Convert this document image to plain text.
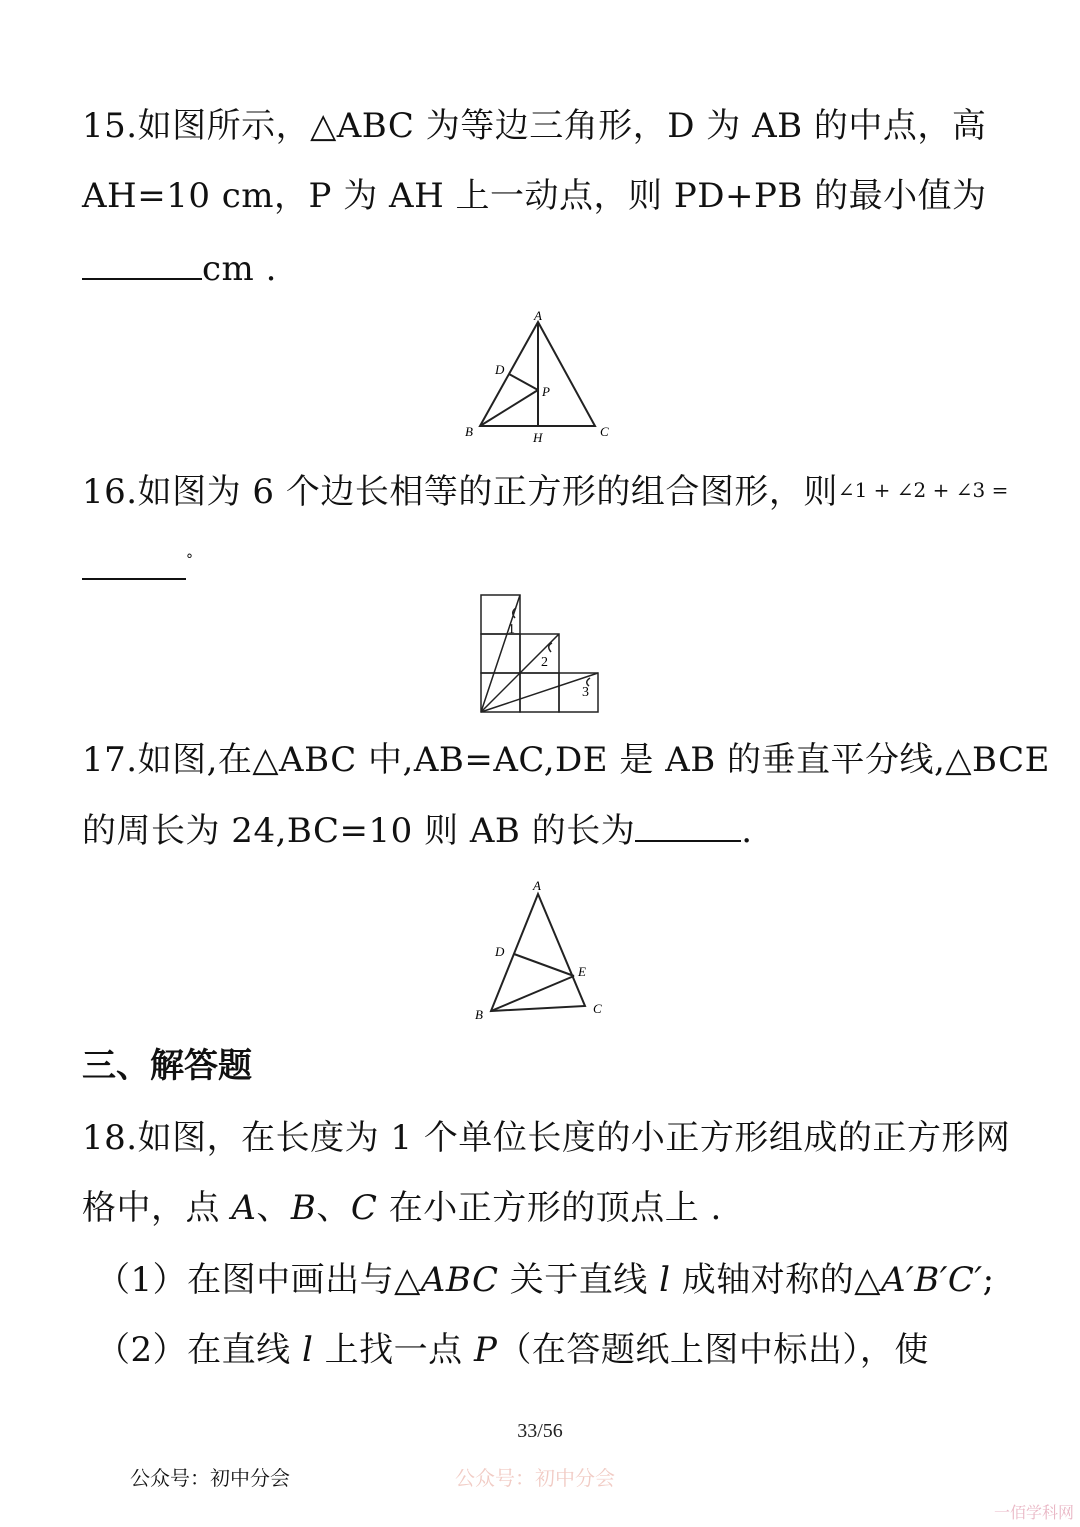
15.如图所示，△ABC 为等边三角形，D 为 AB 的中点，高
AH=10 cm，P 为 AH 上一动点，则 PD+PB 的最小值为
cm .
A
B	C
D
P
H
16.如图为 6 个边长相等的正方形的组合图形，则∠1 + ∠2 + ∠3 =
°
1
2
3
17.如图,在△ABC 中,AB=AC,DE 是 AB 的垂直平分线,△BCE
的周长为 24,BC=10 则 AB 的长为	.
A
B	C
D
E
三、解答题
18.如图，在长度为 1 个单位长度的小正方形组成的正方形网
格中，点 A、B、C 在小正方形的顶点上 .
（1）在图中画出与△ABC 关于直线 l 成轴对称的△A′B′C′;
（2）在直线 l 上找一点 P（在答题纸上图中标出），使
33/56
公众号：初中分会	公众号：初中分会
一佰学科网
